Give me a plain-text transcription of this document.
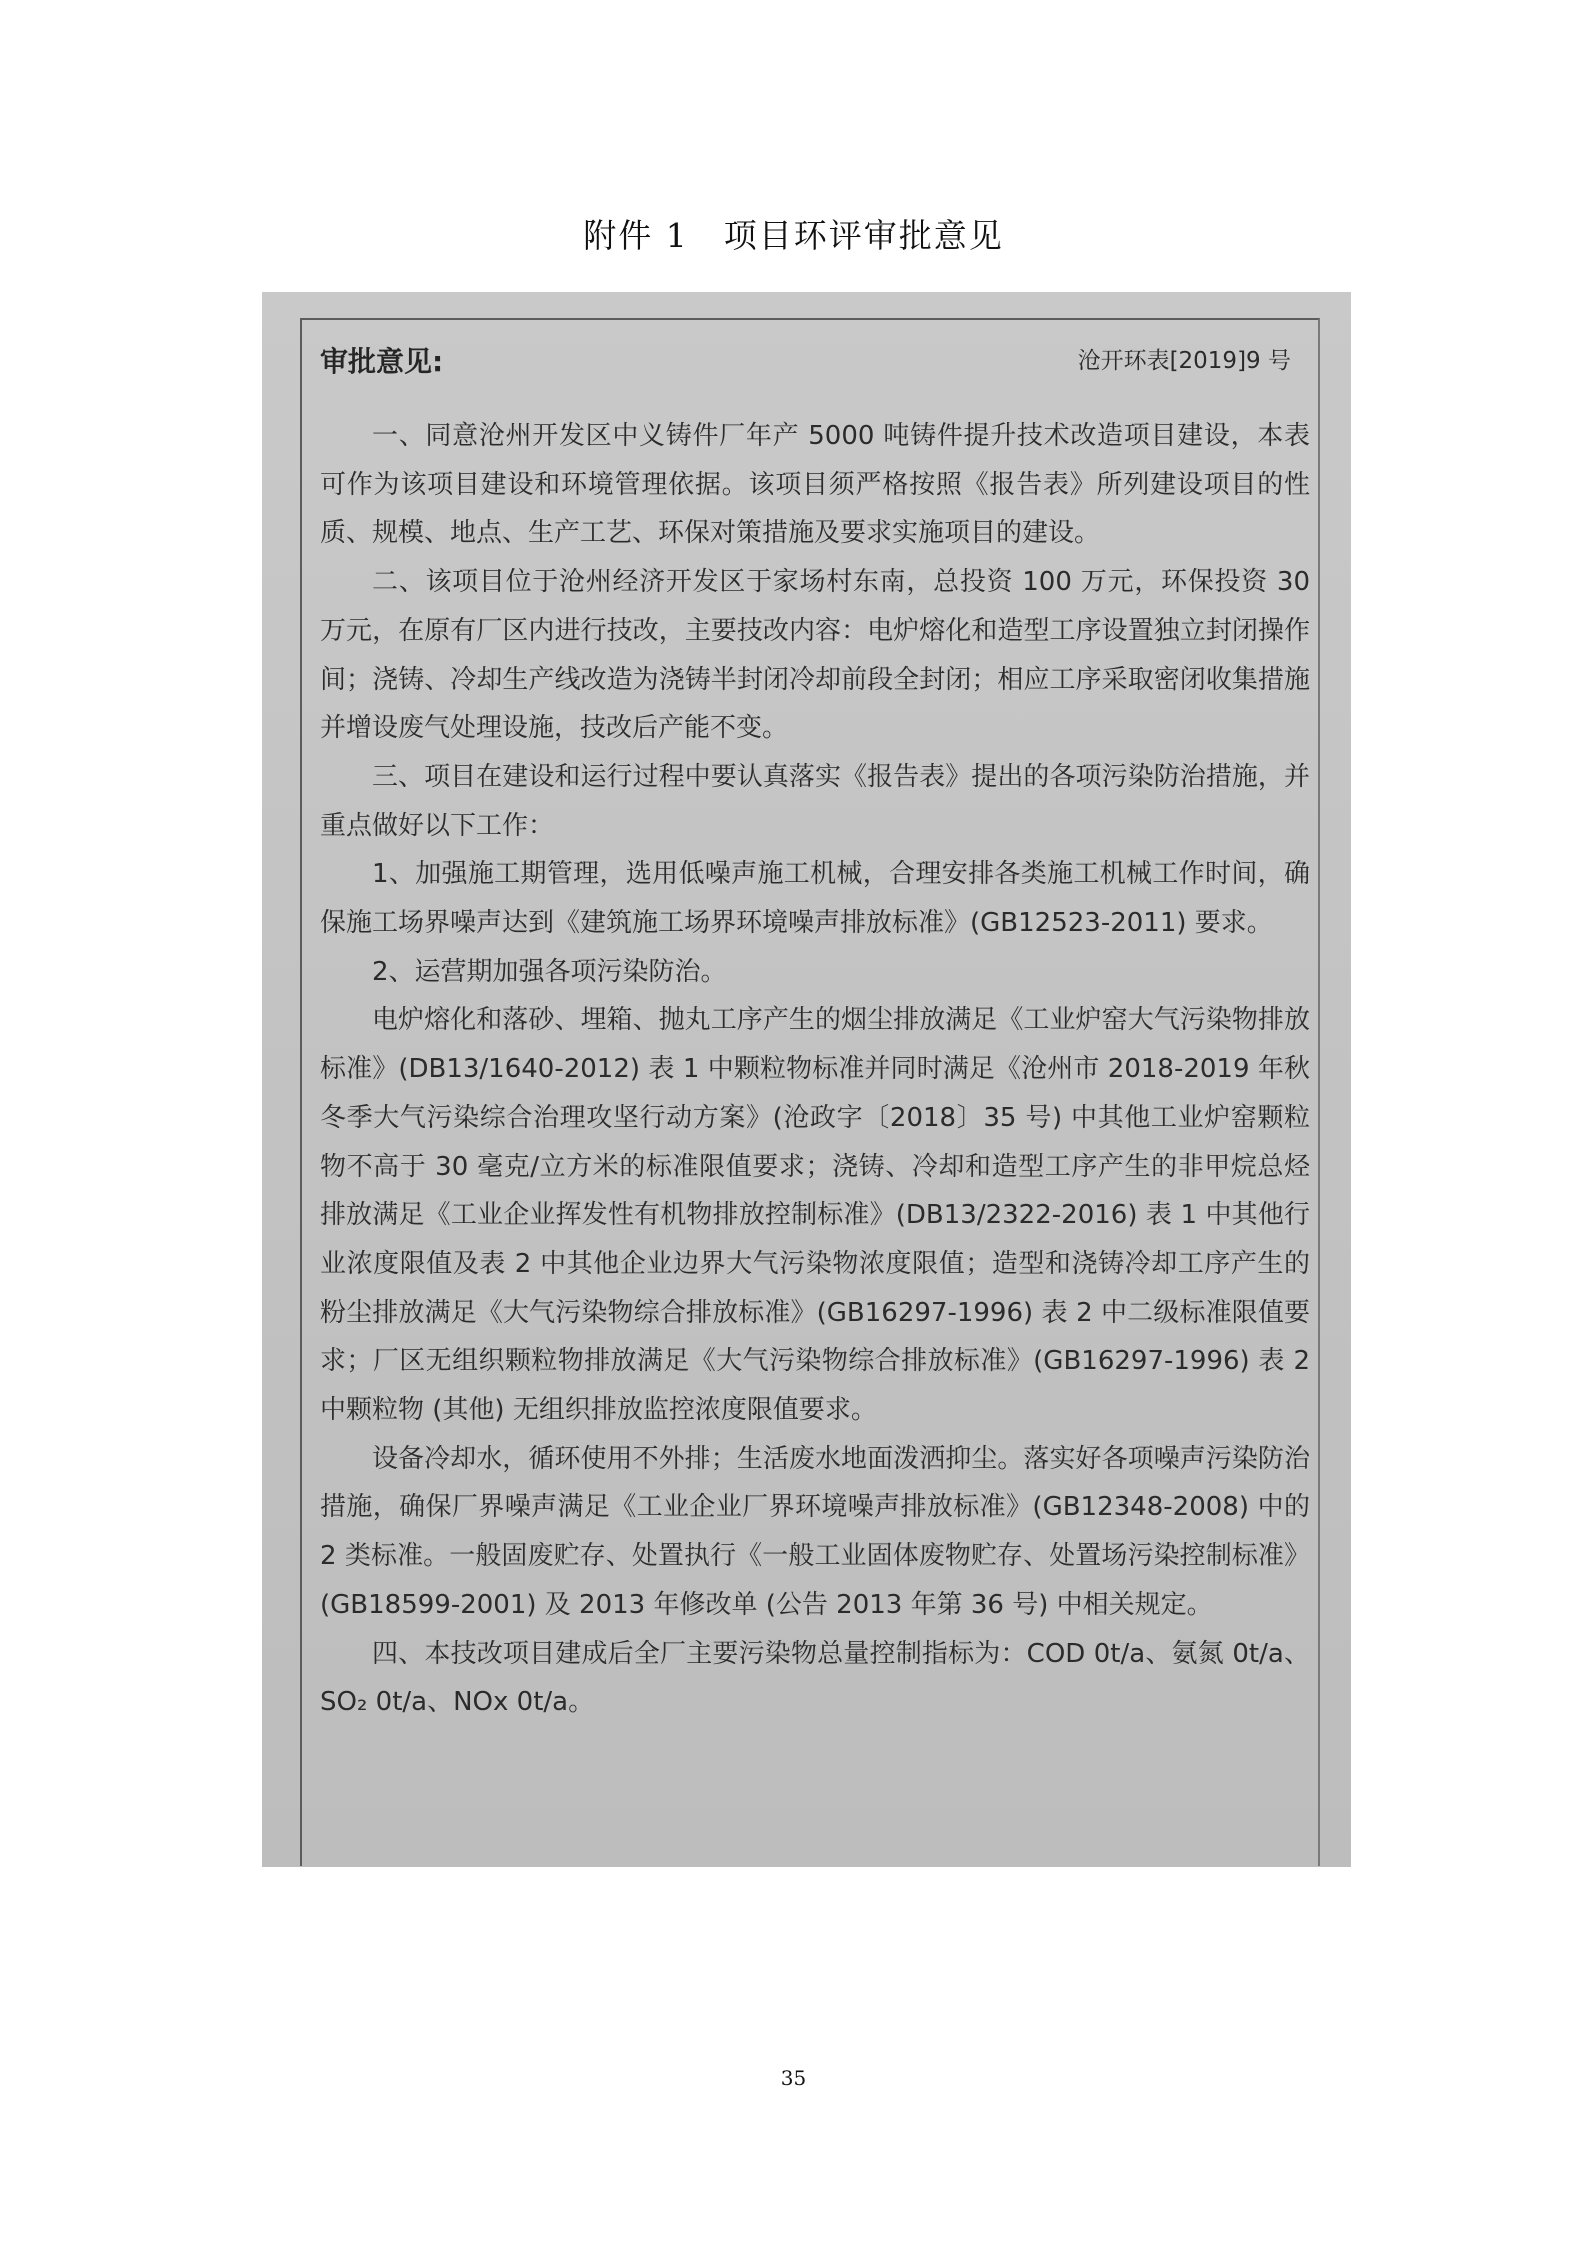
附件 1　项目环评审批意见
审批意见:	沧开环表[2019]9 号

一、同意沧州开发区中义铸件厂年产 5000 吨铸件提升技术改造项目建设，本表可作为该项目建设和环境管理依据。该项目须严格按照《报告表》所列建设项目的性质、规模、地点、生产工艺、环保对策措施及要求实施项目的建设。

二、该项目位于沧州经济开发区于家场村东南，总投资 100 万元，环保投资 30 万元，在原有厂区内进行技改，主要技改内容：电炉熔化和造型工序设置独立封闭操作间；浇铸、冷却生产线改造为浇铸半封闭冷却前段全封闭；相应工序采取密闭收集措施并增设废气处理设施，技改后产能不变。

三、项目在建设和运行过程中要认真落实《报告表》提出的各项污染防治措施，并重点做好以下工作：

1、加强施工期管理，选用低噪声施工机械，合理安排各类施工机械工作时间，确保施工场界噪声达到《建筑施工场界环境噪声排放标准》(GB12523-2011) 要求。

2、运营期加强各项污染防治。

电炉熔化和落砂、埋箱、抛丸工序产生的烟尘排放满足《工业炉窑大气污染物排放标准》(DB13/1640-2012) 表 1 中颗粒物标准并同时满足《沧州市 2018-2019 年秋冬季大气污染综合治理攻坚行动方案》(沧政字〔2018〕35 号) 中其他工业炉窑颗粒物不高于 30 毫克/立方米的标准限值要求；浇铸、冷却和造型工序产生的非甲烷总烃排放满足《工业企业挥发性有机物排放控制标准》(DB13/2322-2016) 表 1 中其他行业浓度限值及表 2 中其他企业边界大气污染物浓度限值；造型和浇铸冷却工序产生的粉尘排放满足《大气污染物综合排放标准》(GB16297-1996) 表 2 中二级标准限值要求；厂区无组织颗粒物排放满足《大气污染物综合排放标准》(GB16297-1996) 表 2 中颗粒物 (其他) 无组织排放监控浓度限值要求。

设备冷却水，循环使用不外排；生活废水地面泼洒抑尘。落实好各项噪声污染防治措施，确保厂界噪声满足《工业企业厂界环境噪声排放标准》(GB12348-2008) 中的 2 类标准。一般固废贮存、处置执行《一般工业固体废物贮存、处置场污染控制标准》(GB18599-2001) 及 2013 年修改单 (公告 2013 年第 36 号) 中相关规定。

四、本技改项目建成后全厂主要污染物总量控制指标为：COD 0t/a、氨氮 0t/a、SO₂ 0t/a、NOx 0t/a。

35
